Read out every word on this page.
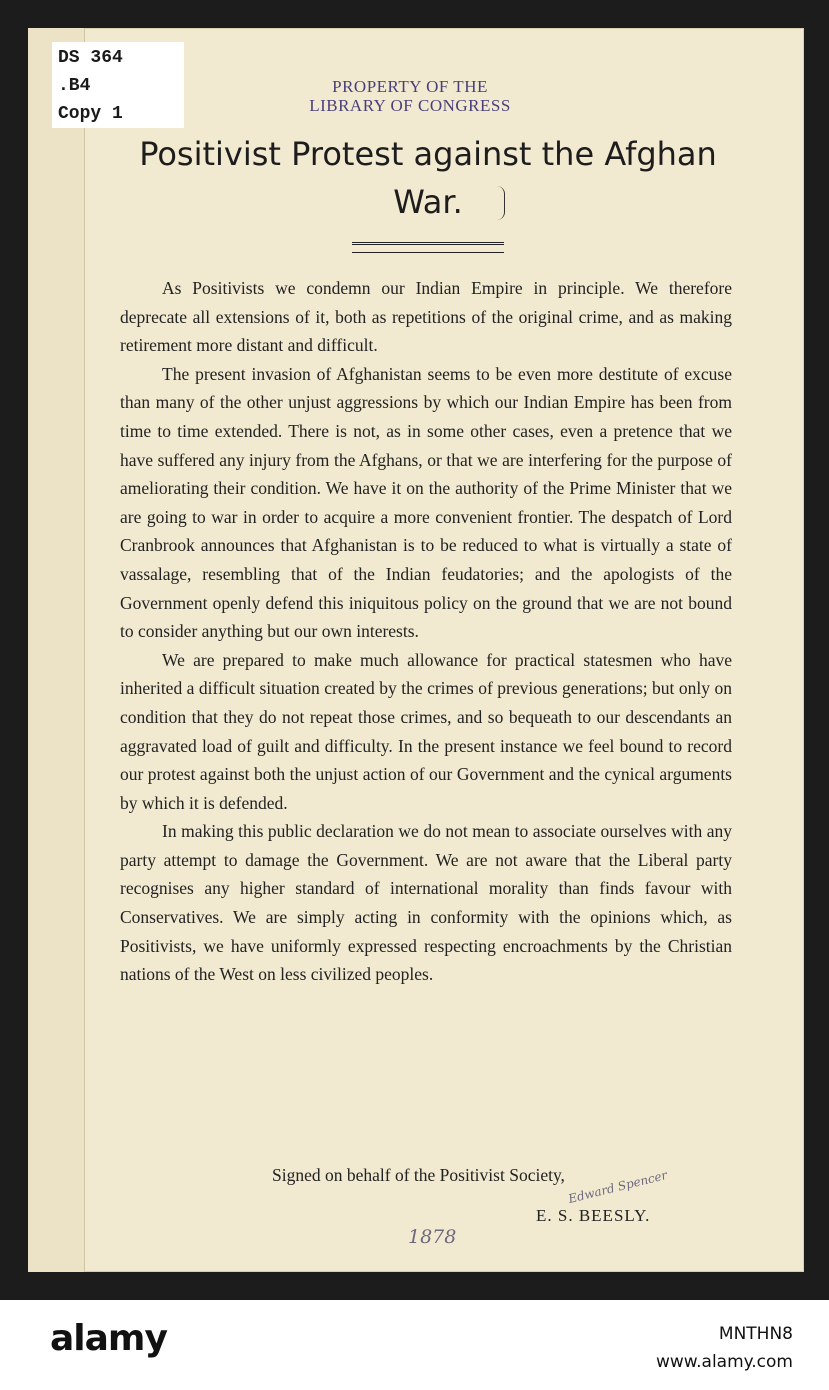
DS 364
.B4
Copy 1
PROPERTY OF THE
LIBRARY OF CONGRESS
Positivist Protest against the Afghan
War.

As Positivists we condemn our Indian Empire in principle. We therefore deprecate all extensions of it, both as repetitions of the original crime, and as making retirement more distant and difficult.

The present invasion of Afghanistan seems to be even more destitute of excuse than many of the other unjust aggressions by which our Indian Empire has been from time to time extended. There is not, as in some other cases, even a pretence that we have suffered any injury from the Afghans, or that we are interfering for the purpose of ameliorating their condition. We have it on the authority of the Prime Minister that we are going to war in order to acquire a more convenient frontier. The despatch of Lord Cranbrook announces that Afghanistan is to be reduced to what is virtually a state of vassalage, resembling that of the Indian feudatories; and the apologists of the Government openly defend this iniquitous policy on the ground that we are not bound to consider anything but our own interests.

We are prepared to make much allowance for practical statesmen who have inherited a difficult situation created by the crimes of previous generations; but only on condition that they do not repeat those crimes, and so bequeath to our descendants an aggravated load of guilt and difficulty. In the present instance we feel bound to record our protest against both the unjust action of our Government and the cynical arguments by which it is defended.

In making this public declaration we do not mean to associate ourselves with any party attempt to damage the Government. We are not aware that the Liberal party recognises any higher standard of international morality than finds favour with Conservatives. We are simply acting in conformity with the opinions which, as Positivists, we have uniformly expressed respecting encroachments by the Christian nations of the West on less civilized peoples.

Signed on behalf of the Positivist Society, Edward Spencer
E. S. BEESLY.
1878
alamy	MNTHN8
www.alamy.com
